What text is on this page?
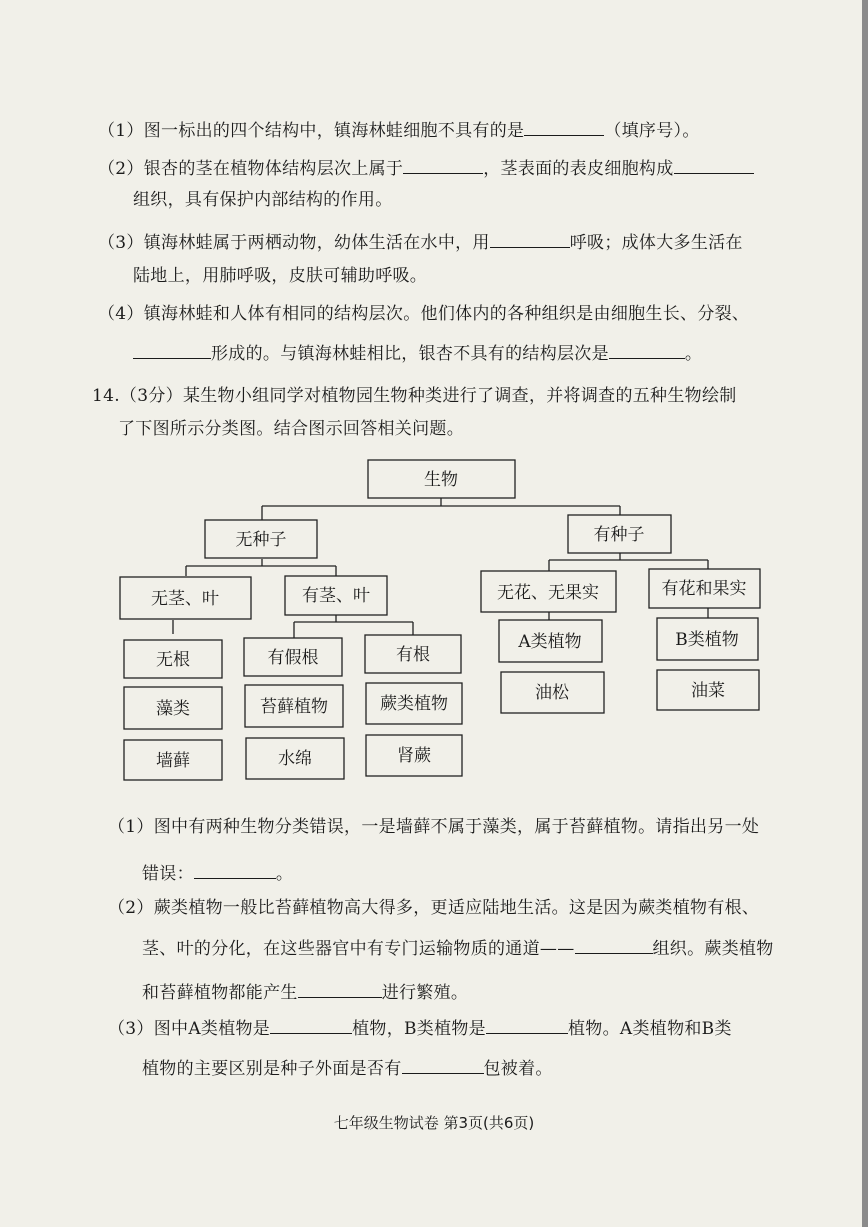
（1）图一标出的四个结构中，镇海林蛙细胞不具有的是	（填序号）。
（2）银杏的茎在植物体结构层次上属于	，茎表面的表皮细胞构成
组织，具有保护内部结构的作用。
（3）镇海林蛙属于两栖动物，幼体生活在水中，用	呼吸；成体大多生活在
陆地上，用肺呼吸，皮肤可辅助呼吸。
（4）镇海林蛙和人体有相同的结构层次。他们体内的各种组织是由细胞生长、分裂、
形成的。与镇海林蛙相比，银杏不具有的结构层次是	。
14.（3分）某生物小组同学对植物园生物种类进行了调查，并将调查的五种生物绘制
了下图所示分类图。结合图示回答相关问题。
生物
无种子	有种子
无茎、叶	有茎、叶	无花、无果实	有花和果实
无根	有假根	有根
A类植物	B类植物
藻类	苔藓植物	蕨类植物
油松	油菜
墙藓	水绵	肾蕨
（1）图中有两种生物分类错误，一是墙藓不属于藻类，属于苔藓植物。请指出另一处
错误：	。
（2）蕨类植物一般比苔藓植物高大得多，更适应陆地生活。这是因为蕨类植物有根、
茎、叶的分化，在这些器官中有专门运输物质的通道——	组织。蕨类植物
和苔藓植物都能产生	进行繁殖。
（3）图中A类植物是	植物，B类植物是	植物。A类植物和B类
植物的主要区别是种子外面是否有	包被着。
七年级生物试卷 第3页(共6页)
